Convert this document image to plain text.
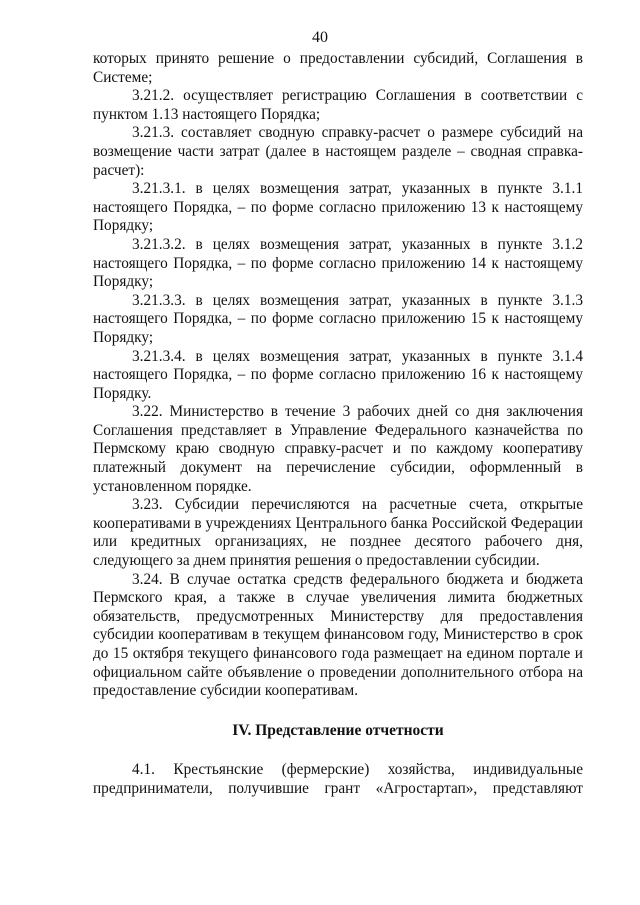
40

которых принято решение о предоставлении субсидий, Соглашения в Системе;

3.21.2. осуществляет регистрацию Соглашения в соответствии с пунктом 1.13 настоящего Порядка;

3.21.3. составляет сводную справку-расчет о размере субсидий на возмещение части затрат (далее в настоящем разделе – сводная справка-расчет):

3.21.3.1. в целях возмещения затрат, указанных в пункте 3.1.1 настоящего Порядка, – по форме согласно приложению 13 к настоящему Порядку;

3.21.3.2. в целях возмещения затрат, указанных в пункте 3.1.2 настоящего Порядка, – по форме согласно приложению 14 к настоящему Порядку;

3.21.3.3. в целях возмещения затрат, указанных в пункте 3.1.3 настоящего Порядка, – по форме согласно приложению 15 к настоящему Порядку;

3.21.3.4. в целях возмещения затрат, указанных в пункте 3.1.4 настоящего Порядка, – по форме согласно приложению 16 к настоящему Порядку.

3.22. Министерство в течение 3 рабочих дней со дня заключения Соглашения представляет в Управление Федерального казначейства по Пермскому краю сводную справку-расчет и по каждому кооперативу платежный документ на перечисление субсидии, оформленный в установленном порядке.

3.23. Субсидии перечисляются на расчетные счета, открытые кооперативами в учреждениях Центрального банка Российской Федерации или кредитных организациях, не позднее десятого рабочего дня, следующего за днем принятия решения о предоставлении субсидии.

3.24. В случае остатка средств федерального бюджета и бюджета Пермского края, а также в случае увеличения лимита бюджетных обязательств, предусмотренных Министерству для предоставления субсидии кооперативам в текущем финансовом году, Министерство в срок до 15 октября текущего финансового года размещает на едином портале и официальном сайте объявление о проведении дополнительного отбора на предоставление субсидии кооперативам.

IV. Представление отчетности

4.1. Крестьянские (фермерские) хозяйства, индивидуальные предприниматели, получившие грант «Агростартап», представляют
